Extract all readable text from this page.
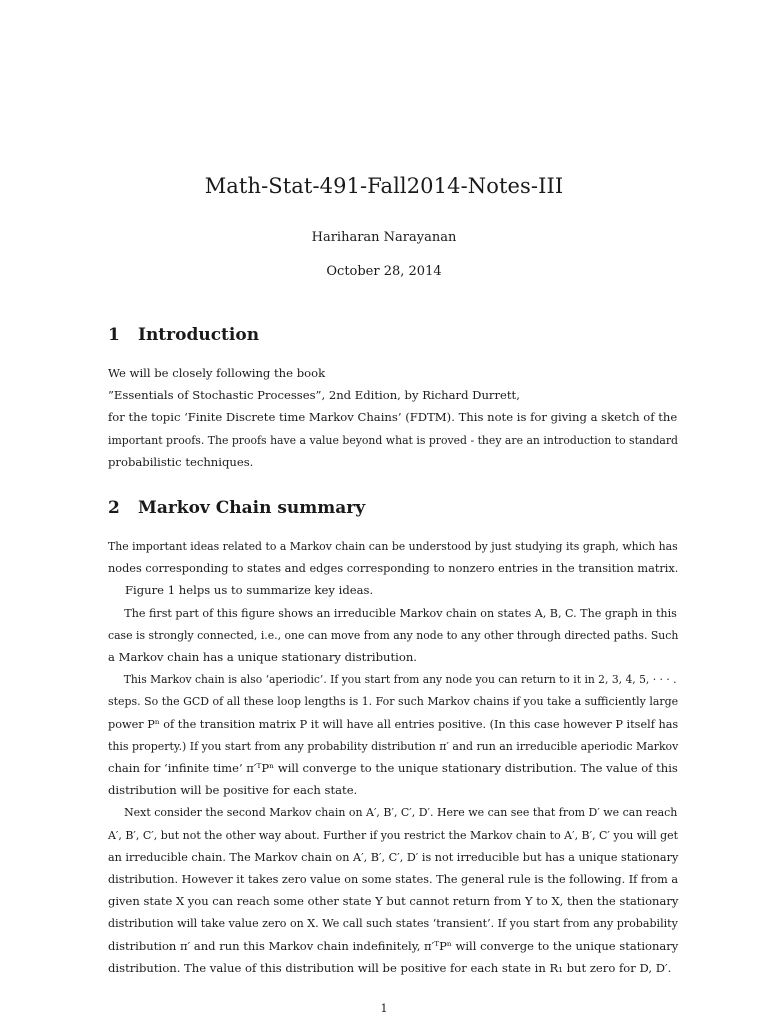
Math-Stat-491-Fall2014-Notes-III
Hariharan Narayanan
October 28, 2014
1 Introduction
We will be closely following the book
”Essentials of Stochastic Processes”, 2nd Edition, by Richard Durrett,
for the topic ‘Finite Discrete time Markov Chains’ (FDTM). This note is for giving a sketch of the
important proofs. The proofs have a value beyond what is proved - they are an introduction to standard
probabilistic techniques.
2 Markov Chain summary
The important ideas related to a Markov chain can be understood by just studying its graph, which has
nodes corresponding to states and edges corresponding to nonzero entries in the transition matrix.
Figure 1 helps us to summarize key ideas.
The first part of this figure shows an irreducible Markov chain on states A, B, C. The graph in this
case is strongly connected, i.e., one can move from any node to any other through directed paths. Such
a Markov chain has a unique stationary distribution.
This Markov chain is also ‘aperiodic’. If you start from any node you can return to it in 2, 3, 4, 5, · · · .
steps. So the GCD of all these loop lengths is 1. For such Markov chains if you take a sufficiently large
power Pⁿ of the transition matrix P it will have all entries positive. (In this case however P itself has
this property.) If you start from any probability distribution π′ and run an irreducible aperiodic Markov
chain for ‘infinite time’ π′ᵀPⁿ will converge to the unique stationary distribution. The value of this
distribution will be positive for each state.
Next consider the second Markov chain on A′, B′, C′, D′. Here we can see that from D′ we can reach
A′, B′, C′, but not the other way about. Further if you restrict the Markov chain to A′, B′, C′ you will get
an irreducible chain. The Markov chain on A′, B′, C′, D′ is not irreducible but has a unique stationary
distribution. However it takes zero value on some states. The general rule is the following. If from a
given state X you can reach some other state Y but cannot return from Y to X, then the stationary
distribution will take value zero on X. We call such states ‘transient’. If you start from any probability
distribution π′ and run this Markov chain indefinitely, π′ᵀPⁿ will converge to the unique stationary
distribution. The value of this distribution will be positive for each state in R₁ but zero for D, D′.
1
